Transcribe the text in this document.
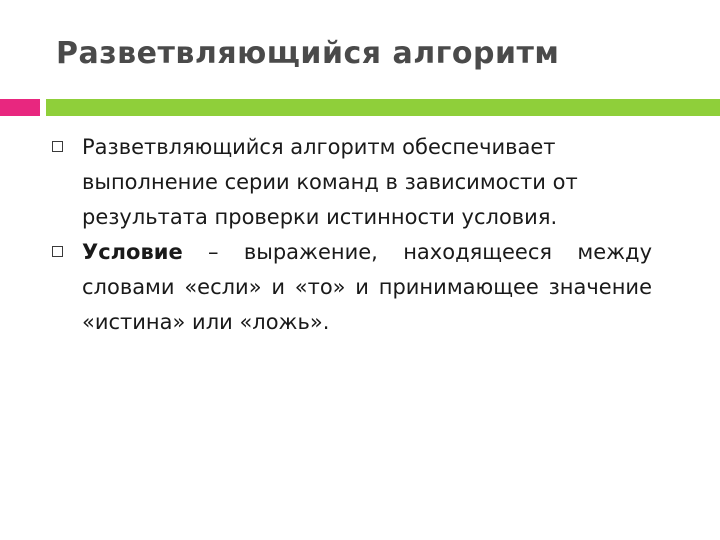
Разветвляющийся алгоритм
Разветвляющийся алгоритм обеспечивает выполнение серии команд в зависимости от результата проверки истинности условия.
Условие – выражение, находящееся между словами «если» и «то» и принимающее значение «истина» или «ложь».
